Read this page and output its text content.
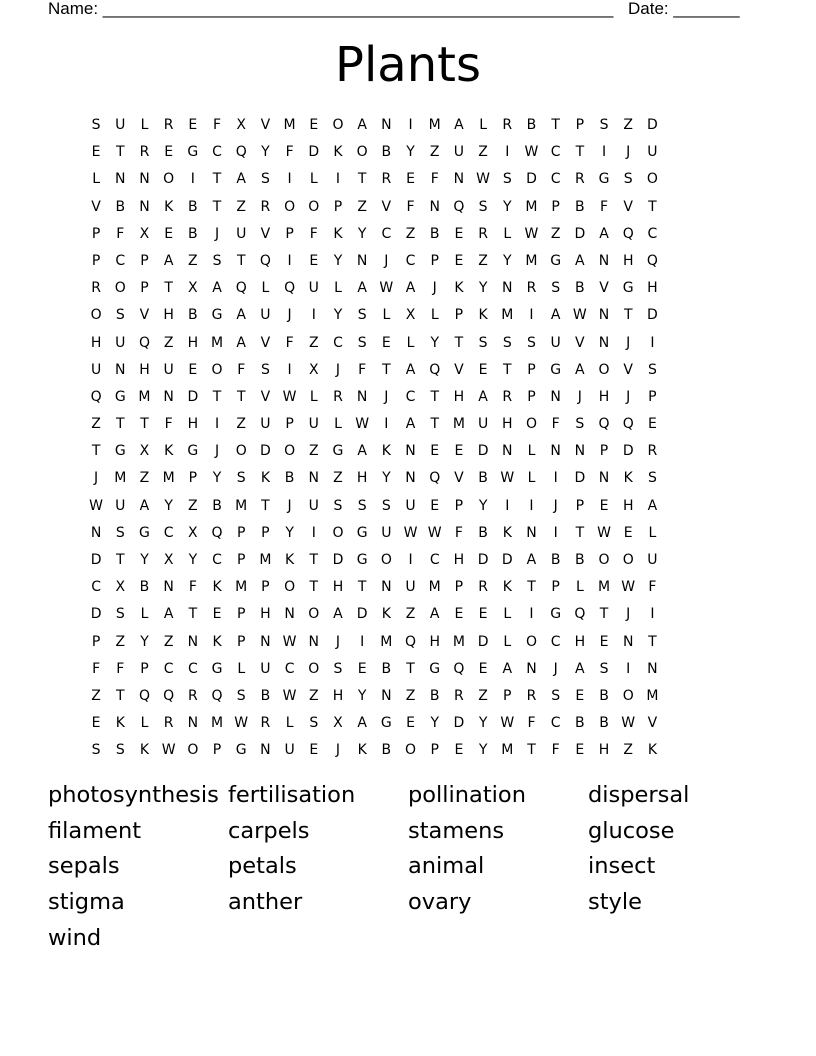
Name: ______________________________________________________ Date: _______
Plants
S	U	L	R	E	F	X	V M E	O A	N	I	M A	L	R	B	T	P	S	Z	D
E	T	R	E	G C Q	Y	F	D	K	O B	Y	Z	U	Z	I	W C	T	I	J	U
L	N N O	I	T	A	S	I	L	I	T	R	E	F	N W S	D C	R G	S	O
V	B	N	K	B	T	Z	R O O	P	Z	V	F	N Q	S	Y M P	B	F	V	T
P	F	X	E	B	J	U	V	P	F	K	Y	C	Z	B	E	R	L W Z	D	A Q C
P	C	P	A	Z	S	T	Q	I	E	Y	N	J	C	P	E	Z	Y M G A	N H Q
R O	P	T	X	A Q	L	Q U	L	A W A	J	K	Y	N	R	S	B	V G H
O	S	V	H	B G A	U	J	I	Y	S	L	X	L	P	K M	I	A W N	T	D
H U Q Z	H M A	V	F	Z	C	S	E	L	Y	T	S	S	S	U	V	N	J	I
U N H U	E	O	F	S	I	X	J	F	T	A Q V	E	T	P	G A O V	S
Q G M N D	T	T	V W L	R	N	J	C	T	H	A	R	P	N	J	H	J	P
Z	T	T	F	H	I	Z	U	P	U	L W	I	A	T M U H O	F	S	Q Q	E
T	G X	K	G	J	O D O Z G A	K	N	E	E	D N	L	N N	P	D R
J	M Z M P	Y	S	K	B	N	Z	H	Y	N Q V	B W L	I	D N	K	S
W U	A	Y	Z	B M T	J	U	S	S	S	U	E	P	Y	I	I	J	P	E	H	A
N	S	G C	X Q	P	P	Y	I	O G U W W F	B	K	N	I	T W E	L
D	T	Y	X	Y	C	P M K	T	D G O	I	C	H D D	A	B	B O O U
C	X	B	N	F	K M P	O	T	H	T	N U M P	R	K	T	P	L	M W F
D	S	L	A	T	E	P	H N O A	D	K	Z	A	E	E	L	I	G Q	T	J	I
P	Z	Y	Z	N	K	P	N W N	J	I	M Q H M D	L	O C	H	E	N	T
F	F	P	C	C G	L	U	C O	S	E	B	T	G Q	E	A	N	J	A	S	I	N
Z	T	Q Q R Q	S	B W Z	H	Y	N	Z	B	R	Z	P	R	S	E	B O M
E	K	L	R	N M W R	L	S	X	A G	E	Y	D	Y W F	C	B	B W V
S	S	K W O	P	G N U	E	J	K	B O	P	E	Y M T	F	E	H	Z	K
photosynthesis fertilisation pollination	dispersal
filament	carpels	stamens	glucose
sepals	petals	animal	insect
stigma	anther	ovary	style
wind
